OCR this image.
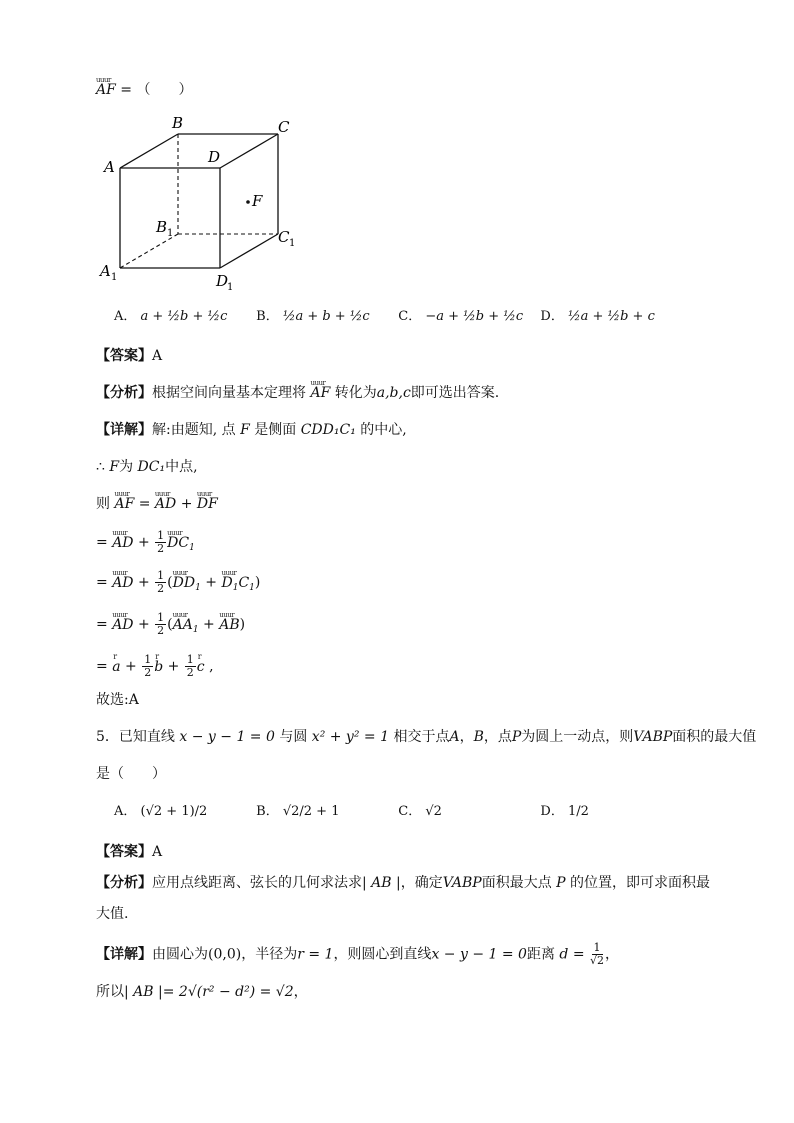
uuur AF = （　　）
A
B	C
D
F
B 1	C 1
A 1	D
1
A． a + ½b + ½c B． ½a + b + ½c C． −a + ½b + ½c D． ½a + ½b + c
【答案】A
【分析】根据空间向量基本定理将 uuur AF 转化为a,b,c即可选出答案.
【详解】解:由题知, 点 F 是侧面 CDD₁C₁ 的中心,
∴ F为 DC₁中点,
则 uuur AF = uuur AD + uuur DF
= uuur AD + $\frac{1}{2}$ uuur $DC_1$
= uuur AD + $\frac{1}{2}$ (uuur $DD_1$ + uuur $D_1C_1$)
= uuur AD + $\frac{1}{2}$ (uuur $AA_1$ + uuur AB)
= r $a + \frac{1}{2}$ r $b + \frac{1}{2}$ r c ,
故选:A
5．已知直线 x − y − 1 = 0 与圆 x² + y² = 1 相交于点A，B，点P为圆上一动点，则VABP面积的最大值
是（　　）
A． (√2 + 1)/2	B． √2/2 + 1	C． √2	D． 1/2
【答案】A
【分析】应用点线距离、弦长的几何求法求| AB |，确定VABP面积最大点 P 的位置，即可求面积最
大值.
【详解】由圆心为(0,0)，半径为r = 1，则圆心到直线x − y − 1 = 0距离 $d = \frac{1}{√2}$ ，
所以| AB |= 2√(r² − d²) = √2，
